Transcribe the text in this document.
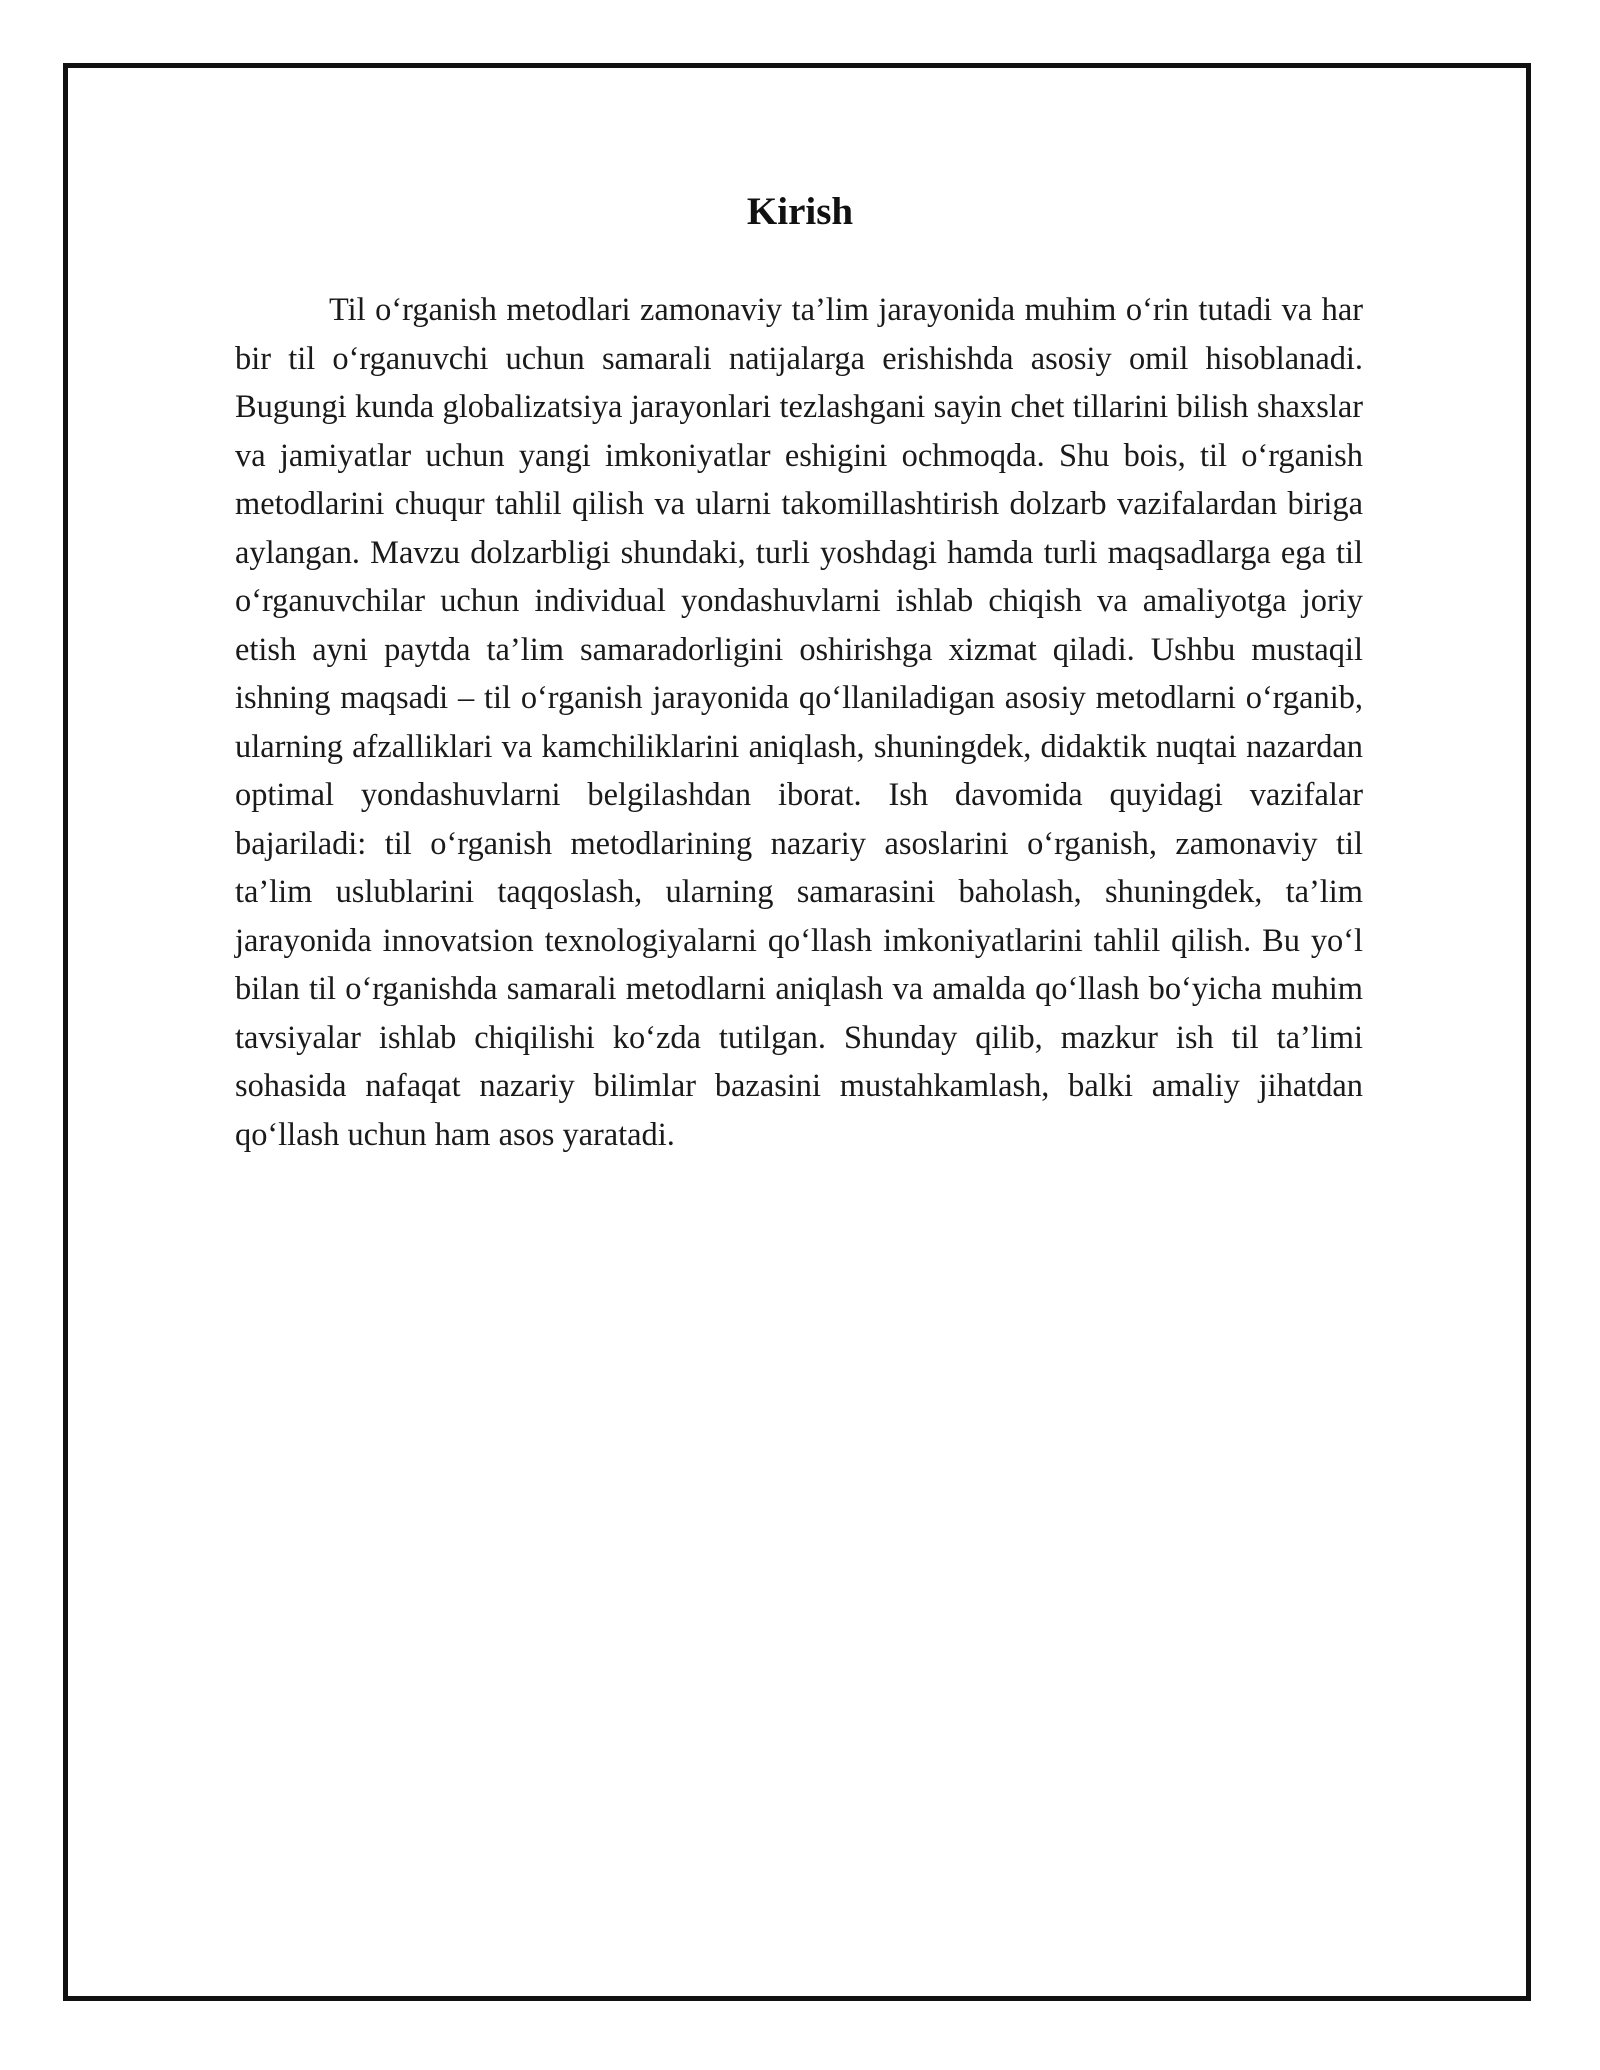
Kirish

Til o‘rganish metodlari zamonaviy ta’lim jarayonida muhim o‘rin tutadi va har bir til o‘rganuvchi uchun samarali natijalarga erishishda asosiy omil hisoblanadi. Bugungi kunda globalizatsiya jarayonlari tezlashgani sayin chet tillarini bilish shaxslar va jamiyatlar uchun yangi imkoniyatlar eshigini ochmoqda. Shu bois, til o‘rganish metodlarini chuqur tahlil qilish va ularni takomillashtirish dolzarb vazifalardan biriga aylangan. Mavzu dolzarbligi shundaki, turli yoshdagi hamda turli maqsadlarga ega til o‘rganuvchilar uchun individual yondashuvlarni ishlab chiqish va amaliyotga joriy etish ayni paytda ta’lim samaradorligini oshirishga xizmat qiladi. Ushbu mustaqil ishning maqsadi – til o‘rganish jarayonida qo‘llaniladigan asosiy metodlarni o‘rganib, ularning afzalliklari va kamchiliklarini aniqlash, shuningdek, didaktik nuqtai nazardan optimal yondashuvlarni belgilashdan iborat. Ish davomida quyidagi vazifalar bajariladi: til o‘rganish metodlarining nazariy asoslarini o‘rganish, zamonaviy til ta’lim uslublarini taqqoslash, ularning samarasini baholash, shuningdek, ta’lim jarayonida innovatsion texnologiyalarni qo‘llash imkoniyatlarini tahlil qilish. Bu yo‘l bilan til o‘rganishda samarali metodlarni aniqlash va amalda qo‘llash bo‘yicha muhim tavsiyalar ishlab chiqilishi ko‘zda tutilgan. Shunday qilib, mazkur ish til ta’limi sohasida nafaqat nazariy bilimlar bazasini mustahkamlash, balki amaliy jihatdan qo‘llash uchun ham asos yaratadi.
